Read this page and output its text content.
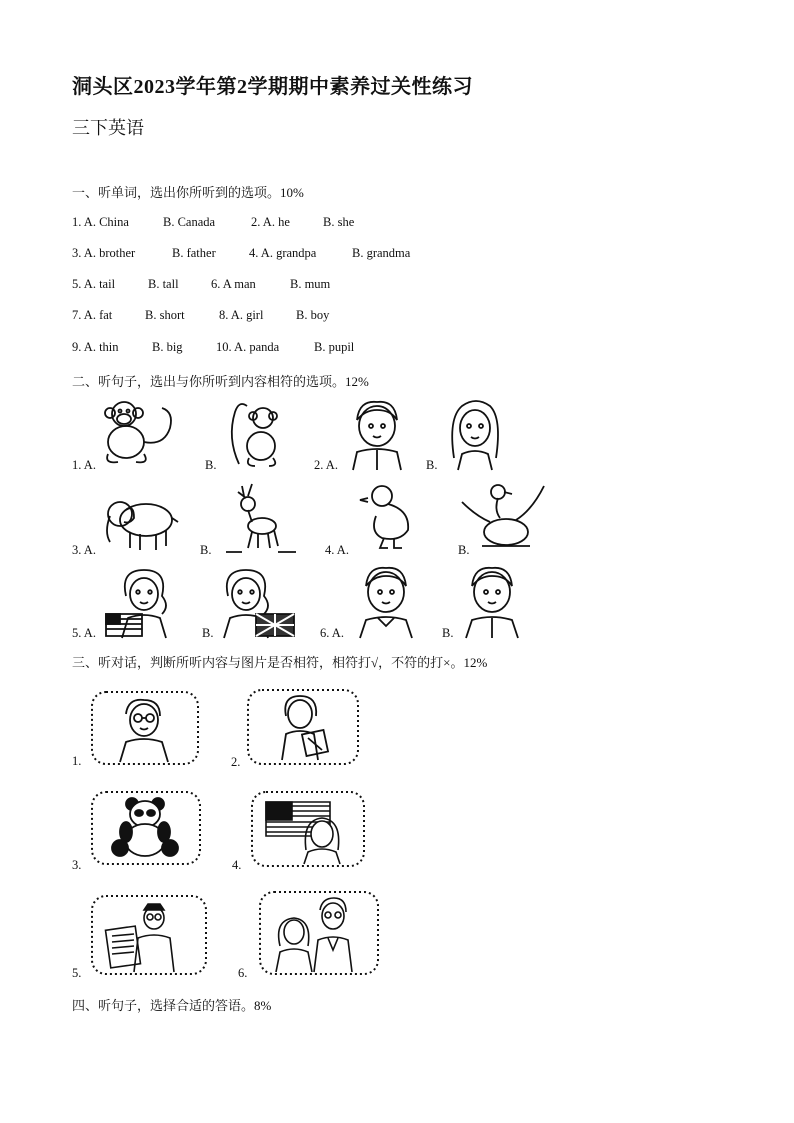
洞头区2023学年第2学期期中素养过关性练习
三下英语
一、听单词，选出你所听到的选项。10%
1. A. China	B. Canada	2. A. he	B. she
3. A. brother	B. father	4. A. grandpa	B. grandma
5. A. tail	B. tall	6. A man	B. mum
7. A. fat	B. short	8. A. girl	B. boy
9. A. thin	B. big	10. A. panda	B. pupil
二、听句子，选出与你所听到内容相符的选项。12%
1. A.	B.	2. A.	B.
3. A.	B.	4. A.	B.
5. A.	B.	6. A.	B.
三、听对话，判断所听内容与图片是否相符，相符打√，不符的打×。12%
1.	2.
3.	4.
5.	6.
四、听句子，选择合适的答语。8%
